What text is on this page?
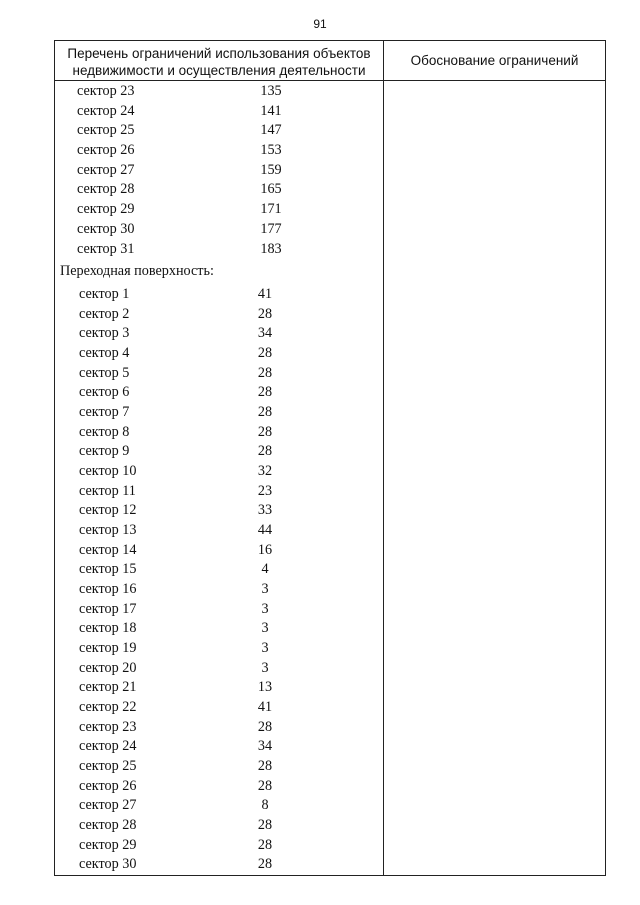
91
Перечень ограничений использования объектов недвижимости и осуществления деятельности
Обоснование ограничений
сектор 23	135
сектор 24	141
сектор 25	147
сектор 26	153
сектор 27	159
сектор 28	165
сектор 29	171
сектор 30	177
сектор 31	183
Переходная поверхность:
сектор 1	41
сектор 2	28
сектор 3	34
сектор 4	28
сектор 5	28
сектор 6	28
сектор 7	28
сектор 8	28
сектор 9	28
сектор 10	32
сектор 11	23
сектор 12	33
сектор 13	44
сектор 14	16
сектор 15	4
сектор 16	3
сектор 17	3
сектор 18	3
сектор 19	3
сектор 20	3
сектор 21	13
сектор 22	41
сектор 23	28
сектор 24	34
сектор 25	28
сектор 26	28
сектор 27	8
сектор 28	28
сектор 29	28
сектор 30	28
